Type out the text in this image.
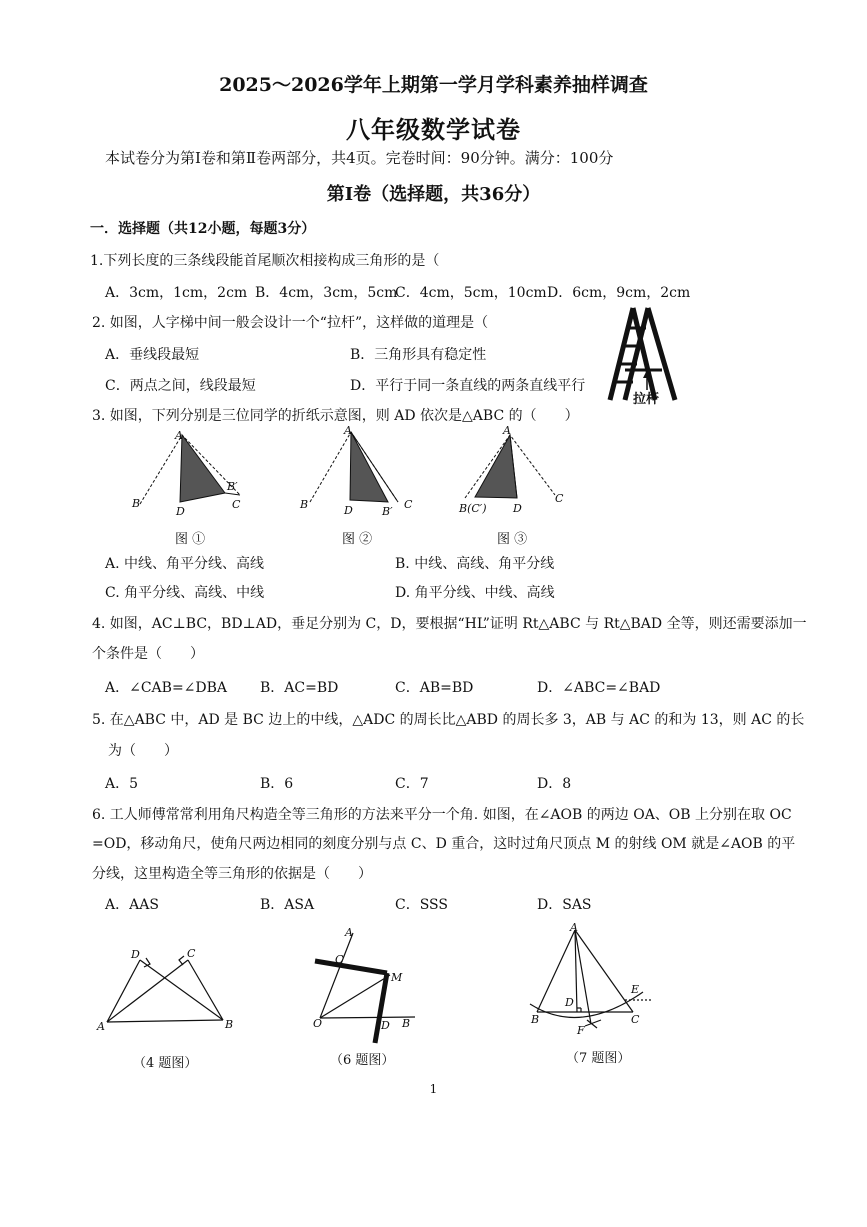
2025～2026学年上期第一学月学科素养抽样调查
八年级数学试卷
本试卷分为第Ⅰ卷和第Ⅱ卷两部分，共4页。完卷时间：90分钟。满分：100分
第Ⅰ卷（选择题，共36分）
一．选择题（共12小题，每题3分）
1.下列长度的三条线段能首尾顺次相接构成三角形的是（
A．3cm，1cm，2cm B．4cm，3cm，5cm
C．4cm，5cm，10cm D．6cm，9cm，2cm
2. 如图，人字梯中间一般会设计一个“拉杆”，这样做的道理是（
A．垂线段最短	B．三角形具有稳定性
C．两点之间，线段最短	D．平行于同一条直线的两条直线平行
拉杆
3. 如图，下列分别是三位同学的折纸示意图，则 AD 依次是△ABC 的（　　）
A
B
D
B′
C
A
B	D	B′
C
A
B(C′) D
C
图 ①	图 ②	图 ③
A. 中线、角平分线、高线	B. 中线、高线、角平分线
C. 角平分线、高线、中线	D. 角平分线、中线、高线
4. 如图，AC⊥BC，BD⊥AD，垂足分别为 C，D，要根据“HL”证明 Rt△ABC 与 Rt△BAD 全等，则还需要添加一
个条件是（　　）
A．∠CAB=∠DBA B．AC=BD	C．AB=BD	D．∠ABC=∠BAD
5. 在△ABC 中，AD 是 BC 边上的中线，△ADC 的周长比△ABD 的周长多 3，AB 与 AC 的和为 13，则 AC 的长
为（　　）
A．5	B．6	C．7	D．8
6. 工人师傅常常利用角尺构造全等三角形的方法来平分一个角. 如图，在∠AOB 的两边 OA、OB 上分别在取 OC
=OD，移动角尺，使角尺两边相同的刻度分别与点 C、D 重合，这时过角尺顶点 M 的射线 OM 就是∠AOB 的平
分线，这里构造全等三角形的依据是（　　）
A．AAS	B．ASA	C．SSS	D．SAS
A	B
D	C
A
C
M
O	D B
A
B	C
D
E
F
（4 题图）	（6 题图）	（7 题图）
1
